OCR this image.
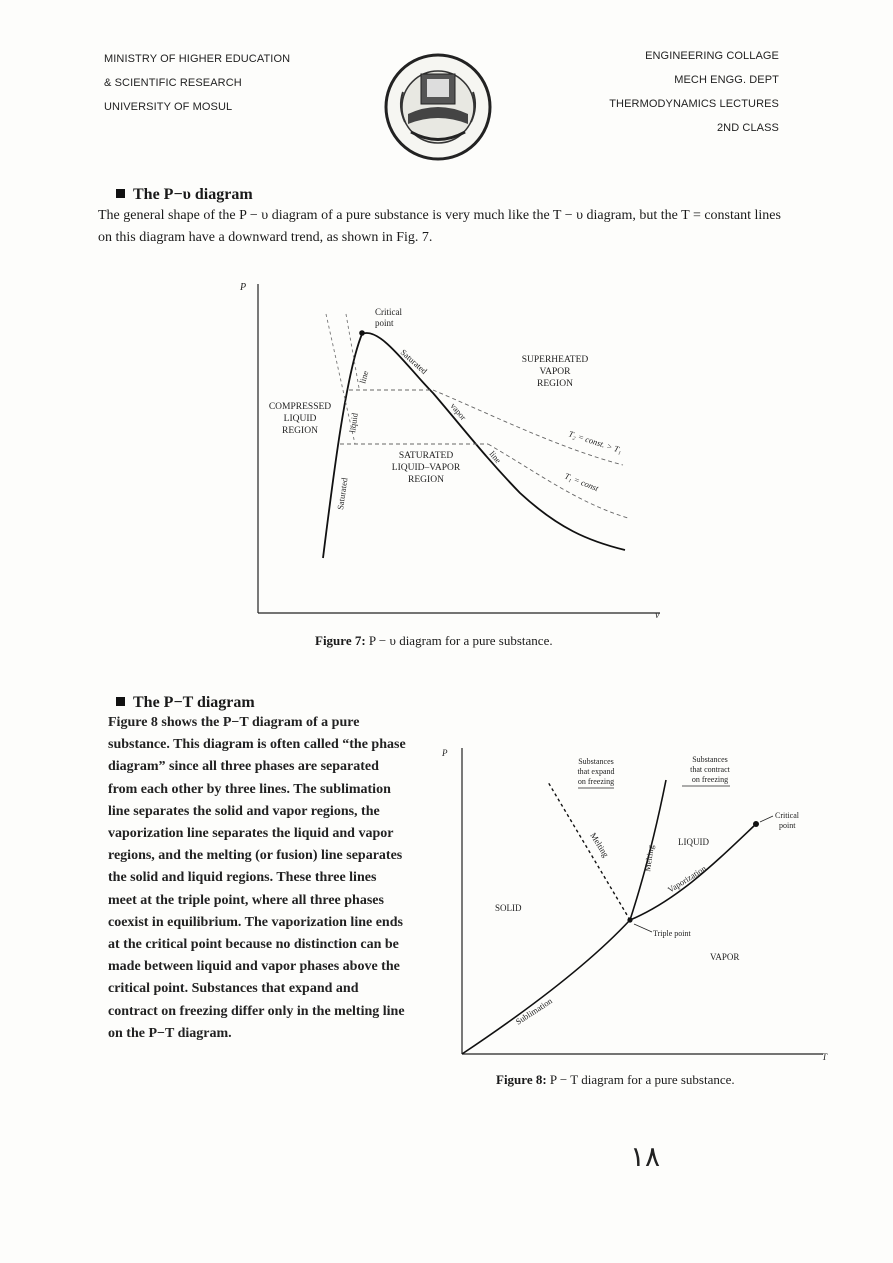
MINISTRY OF HIGHER EDUCATION
& SCIENTIFIC RESEARCH
UNIVERSITY OF MOSUL
ENGINEERING COLLAGE
MECH ENGG. DEPT
THERMODYNAMICS LECTURES
2ND CLASS
The P−υ diagram
The general shape of the P − υ diagram of a pure substance is very much like the T − υ diagram, but the T = constant lines on this diagram have a downward trend, as shown in Fig. 7.
P
v
Critical
point
SUPERHEATED
VAPOR
REGION
COMPRESSED
LIQUID
REGION
SATURATED
LIQUID–VAPOR
REGION
Saturated
liquid
line
Saturated
vapor
line
T₂ = const. > T₁
T₁ = const
Figure 7: P − υ diagram for a pure substance.
The P−T diagram
Figure 8 shows the P−T diagram of a pure substance. This diagram is often called “the phase diagram” since all three phases are separated from each other by three lines. The sublimation line separates the solid and vapor regions, the vaporization line separates the liquid and vapor regions, and the melting (or fusion) line separates the solid and liquid regions. These three lines meet at the triple point, where all three phases coexist in equilibrium. The vaporization line ends at the critical point because no distinction can be made between liquid and vapor phases above the critical point. Substances that expand and contract on freezing differ only in the melting line on the P−T diagram.
P
T
Substances
that expand
on freezing
Substances
that contract
on freezing
Critical
point
Melting	Melting
LIQUID
Vaporization
SOLID
Triple point
VAPOR
Sublimation
Figure 8: P − T diagram for a pure substance.
١٨
